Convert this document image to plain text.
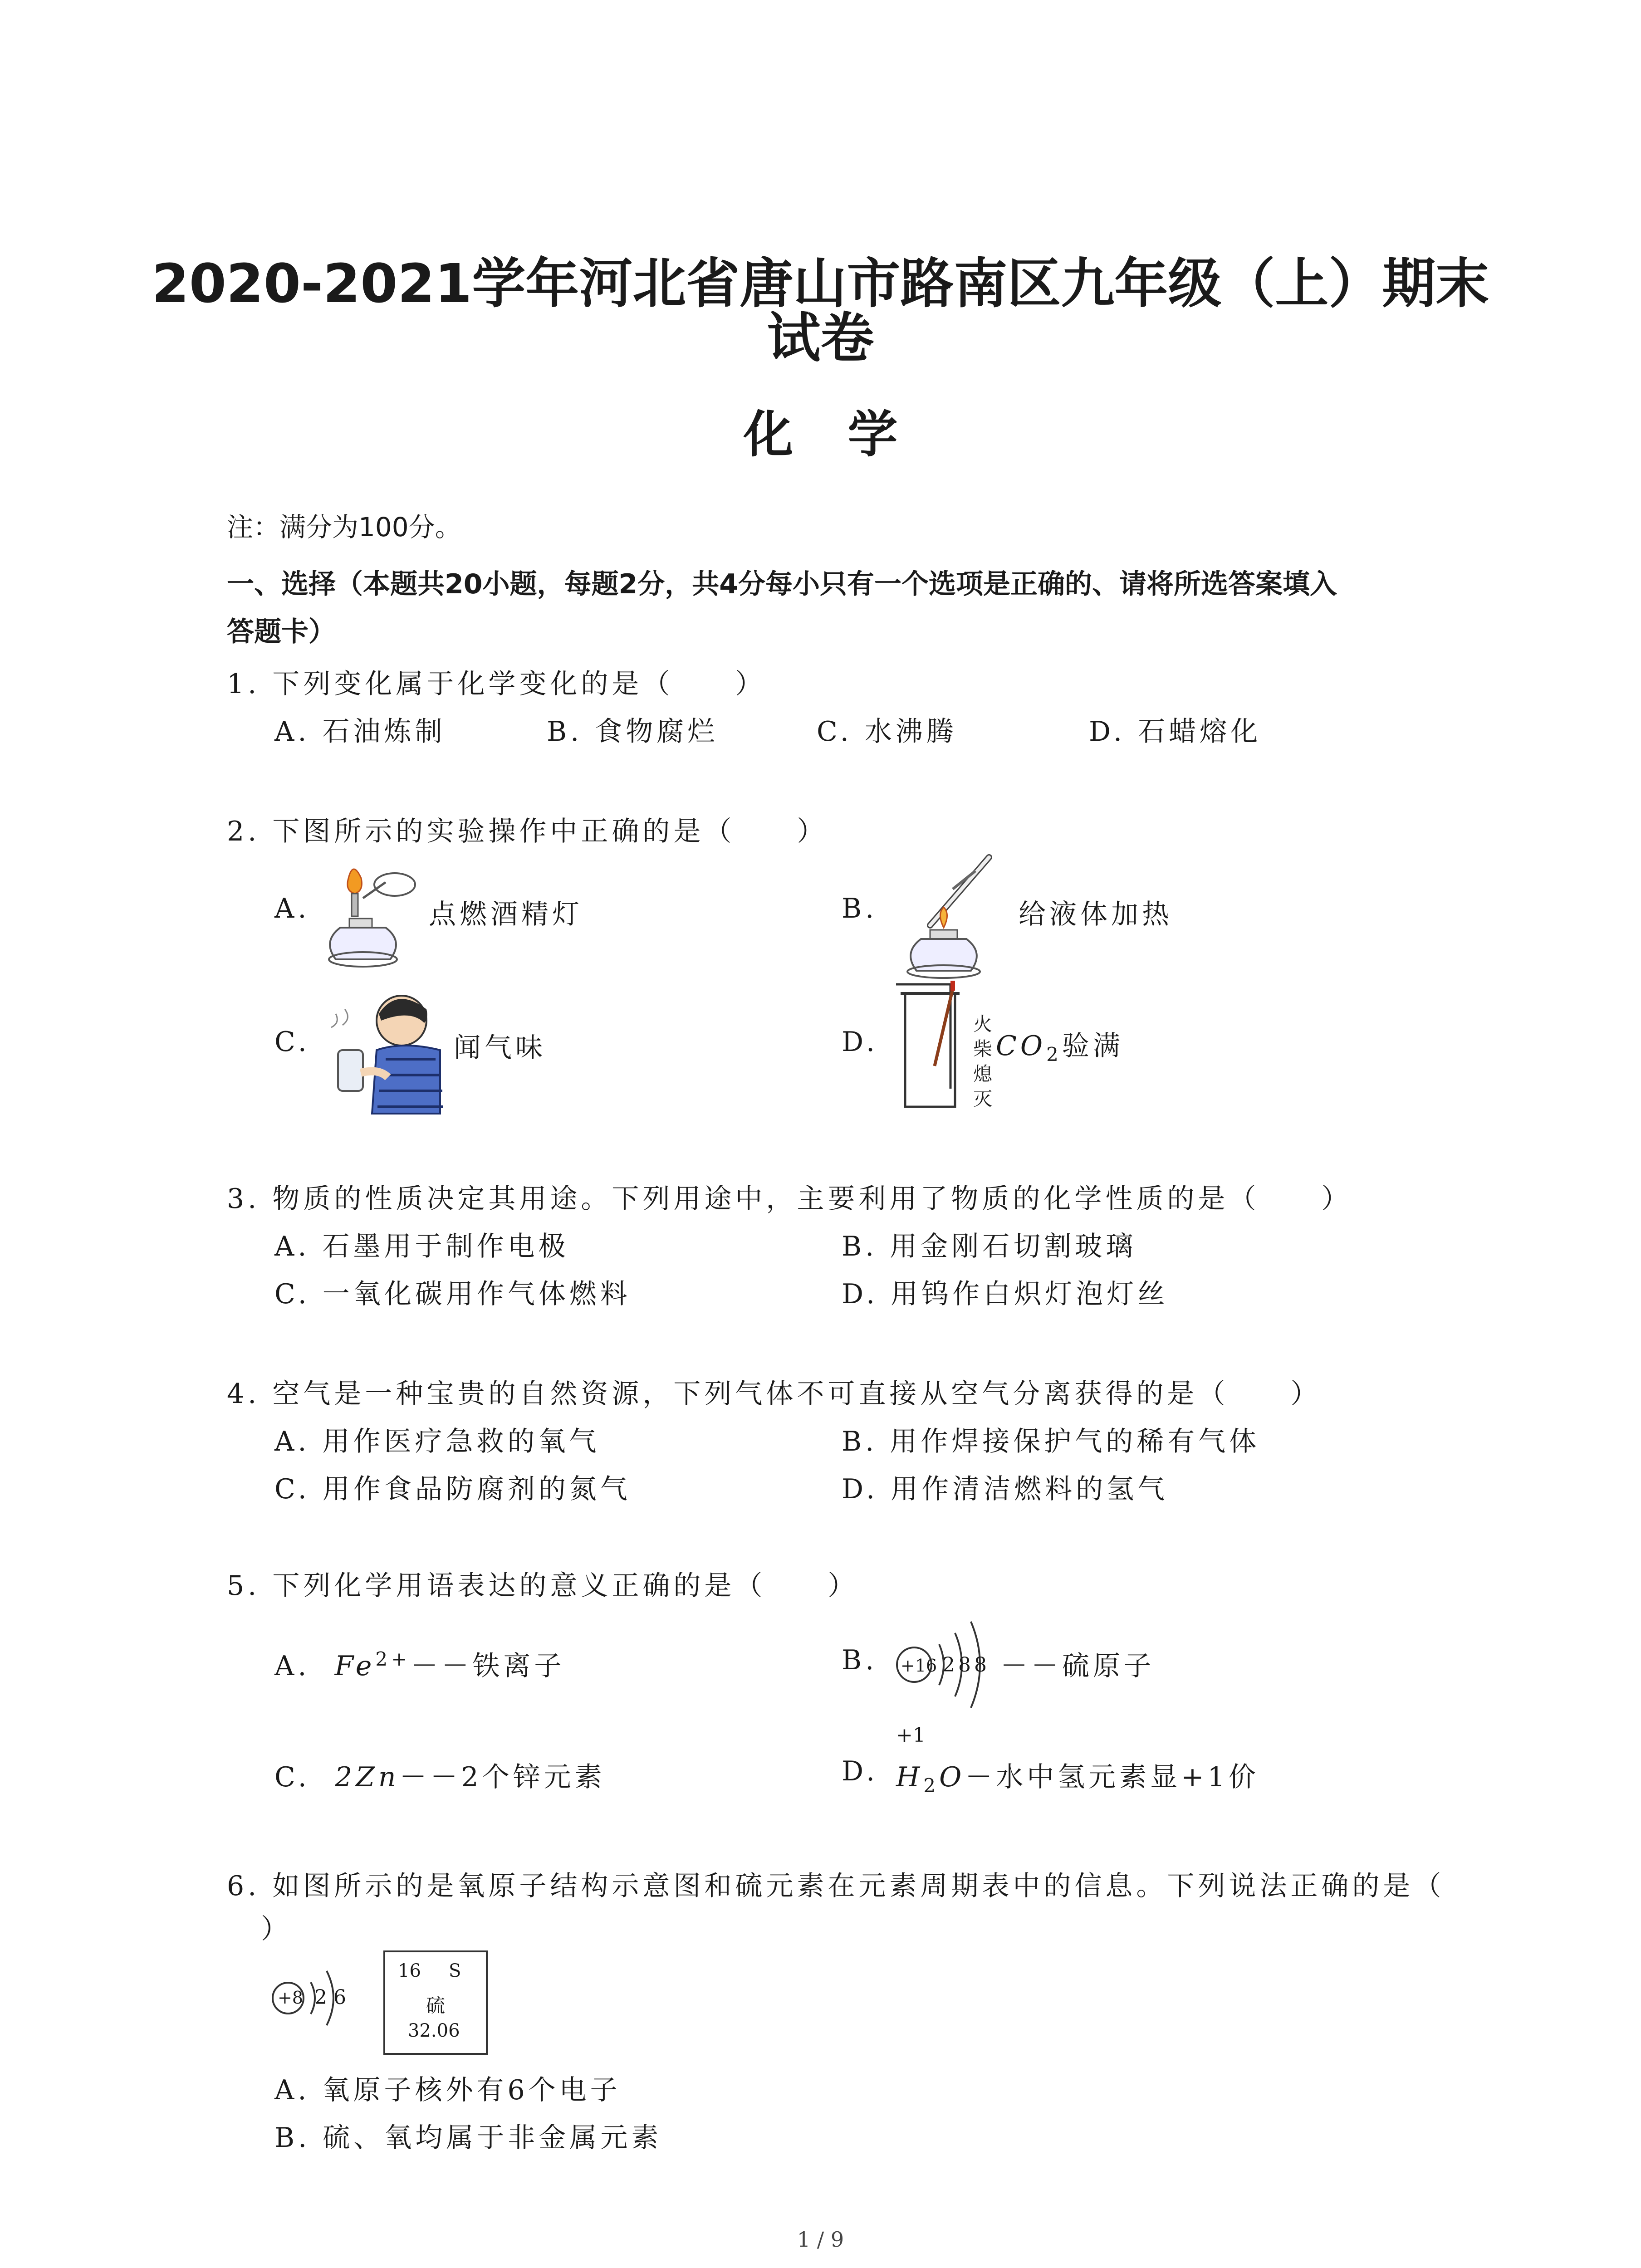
2020-2021学年河北省唐山市路南区九年级（上）期末
试卷
化学
注：满分为100分。
一、选择（本题共20小题，每题2分，共4分每小只有一个选项是正确的、请将所选答案填入
答题卡）
1. 下列变化属于化学变化的是（　　）
A. 石油炼制	B. 食物腐烂	C. 水沸腾	D. 石蜡熔化
2. 下图所示的实验操作中正确的是（　　）
A.	点燃酒精灯	B.	给液体加热
C.	闻气味	D.
火
柴
熄
灭
$CO_2$验满
3. 物质的性质决定其用途。下列用途中，主要利用了物质的化学性质的是（　　）
A. 石墨用于制作电极	B. 用金刚石切割玻璃
C. 一氧化碳用作气体燃料	D. 用钨作白炽灯泡灯丝
4. 空气是一种宝贵的自然资源，下列气体不可直接从空气分离获得的是（　　）
A. 用作医疗急救的氧气	B. 用作焊接保护气的稀有气体
C. 用作食品防腐剂的氮气	D. 用作清洁燃料的氢气
5. 下列化学用语表达的意义正确的是（　　）
A. $Fe^{2+}--$铁离子	B. +16 2 8 8 －－硫原子
C. 2Zn－－2个锌元素	D.
+1
$H_2O-$水中氢元素显+1价
6. 如图所示的是氧原子结构示意图和硫元素在元素周期表中的信息。下列说法正确的是（
）
+8 2 6
16 S
硫
32.06
A. 氧原子核外有6个电子
B. 硫、氧均属于非金属元素
1 / 9
